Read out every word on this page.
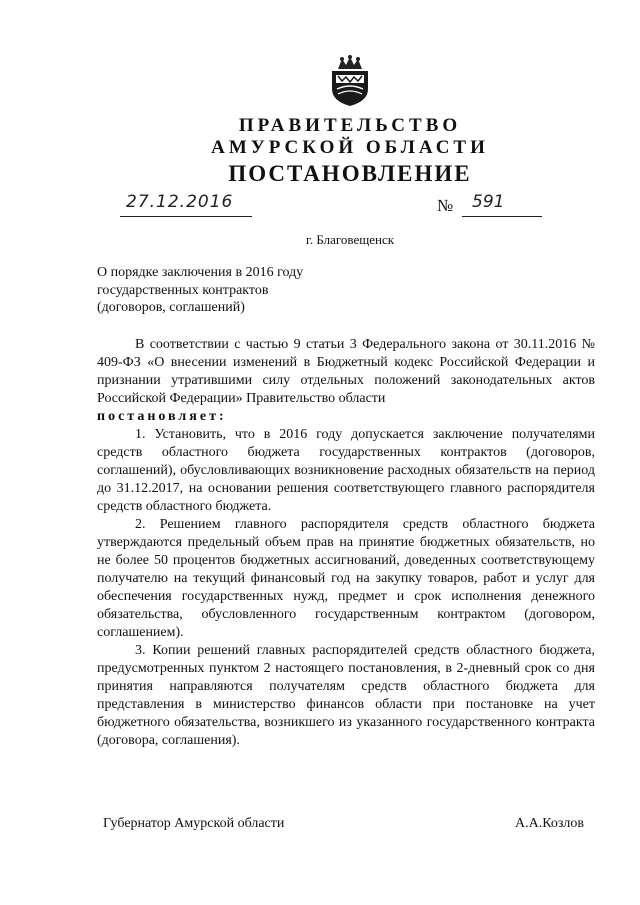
ПРАВИТЕЛЬСТВО
АМУРСКОЙ ОБЛАСТИ
ПОСТАНОВЛЕНИЕ
27.12.2016	№ 591
г. Благовещенск
О порядке заключения в 2016 году
государственных контрактов
(договоров, соглашений)

В соответствии с частью 9 статьи 3 Федерального закона от 30.11.2016 № 409-ФЗ «О внесении изменений в Бюджетный кодекс Российской Федерации и признании утратившими силу отдельных положений законодательных актов Российской Федерации» Правительство области

постановляет:

1. Установить, что в 2016 году допускается заключение получателями средств областного бюджета государственных контрактов (договоров, соглашений), обусловливающих возникновение расходных обязательств на период до 31.12.2017, на основании решения соответствующего главного распорядителя средств областного бюджета.

2. Решением главного распорядителя средств областного бюджета утверждаются предельный объем прав на принятие бюджетных обязательств, но не более 50 процентов бюджетных ассигнований, доведенных соответствующему получателю на текущий финансовый год на закупку товаров, работ и услуг для обеспечения государственных нужд, предмет и срок исполнения денежного обязательства, обусловленного государственным контрактом (договором, соглашением).

3. Копии решений главных распорядителей средств областного бюджета, предусмотренных пунктом 2 настоящего постановления, в 2-дневный срок со дня принятия направляются получателям средств областного бюджета для представления в министерство финансов области при постановке на учет бюджетного обязательства, возникшего из указанного государственного контракта (договора, соглашения).

Губернатор Амурской области	А.А.Козлов
